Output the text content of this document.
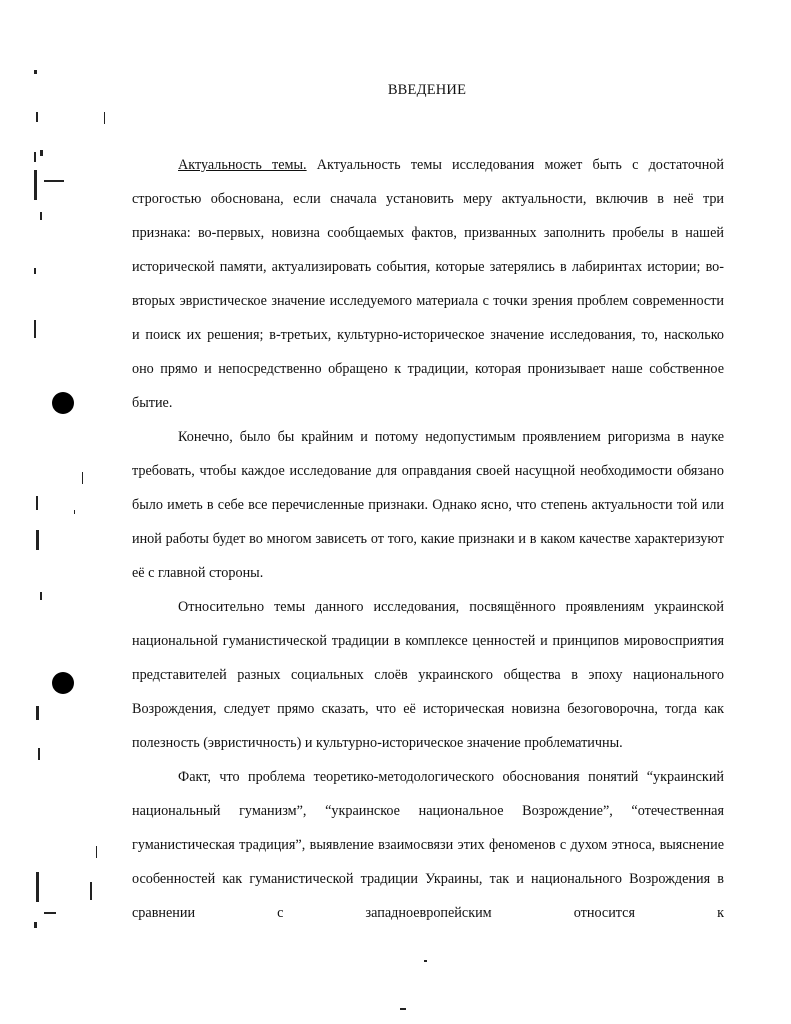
ВВЕДЕНИЕ

Актуальность темы. Актуальность темы исследования может быть с достаточной строгостью обоснована, если сначала установить меру актуальности, включив в неё три признака: во-первых, новизна сообщаемых фактов, призванных заполнить пробелы в нашей исторической памяти, актуализировать события, которые затерялись в лабиринтах истории; во-вторых эвристическое значение исследуемого материала с точки зрения проблем современности и поиск их решения; в-третьих, культурно-историческое значение исследования, то, насколько оно прямо и непосредственно обращено к традиции, которая пронизывает наше собственное бытие.

Конечно, было бы крайним и потому недопустимым проявлением ригоризма в науке требовать, чтобы каждое исследование для оправдания своей насущной необходимости обязано было иметь в себе все перечисленные признаки. Однако ясно, что степень актуальности той или иной работы будет во многом зависеть от того, какие признаки и в каком качестве характеризуют её с главной стороны.

Относительно темы данного исследования, посвящённого проявлениям украинской национальной гуманистической традиции в комплексе ценностей и принципов мировосприятия представителей разных социальных слоёв украинского общества в эпоху национального Возрождения, следует прямо сказать, что её историческая новизна безоговорочна, тогда как полезность (эвристичность) и культурно-историческое значение проблематичны.

Факт, что проблема теоретико-методологического обоснования понятий “украинский национальный гуманизм”, “украинское национальное Возрождение”, “отечественная гуманистическая традиция”, выявление взаимосвязи этих феноменов с духом этноса, выяснение особенностей как гуманистической традиции Украины, так и национального Возрождения в сравнении с западноевропейским относится к
